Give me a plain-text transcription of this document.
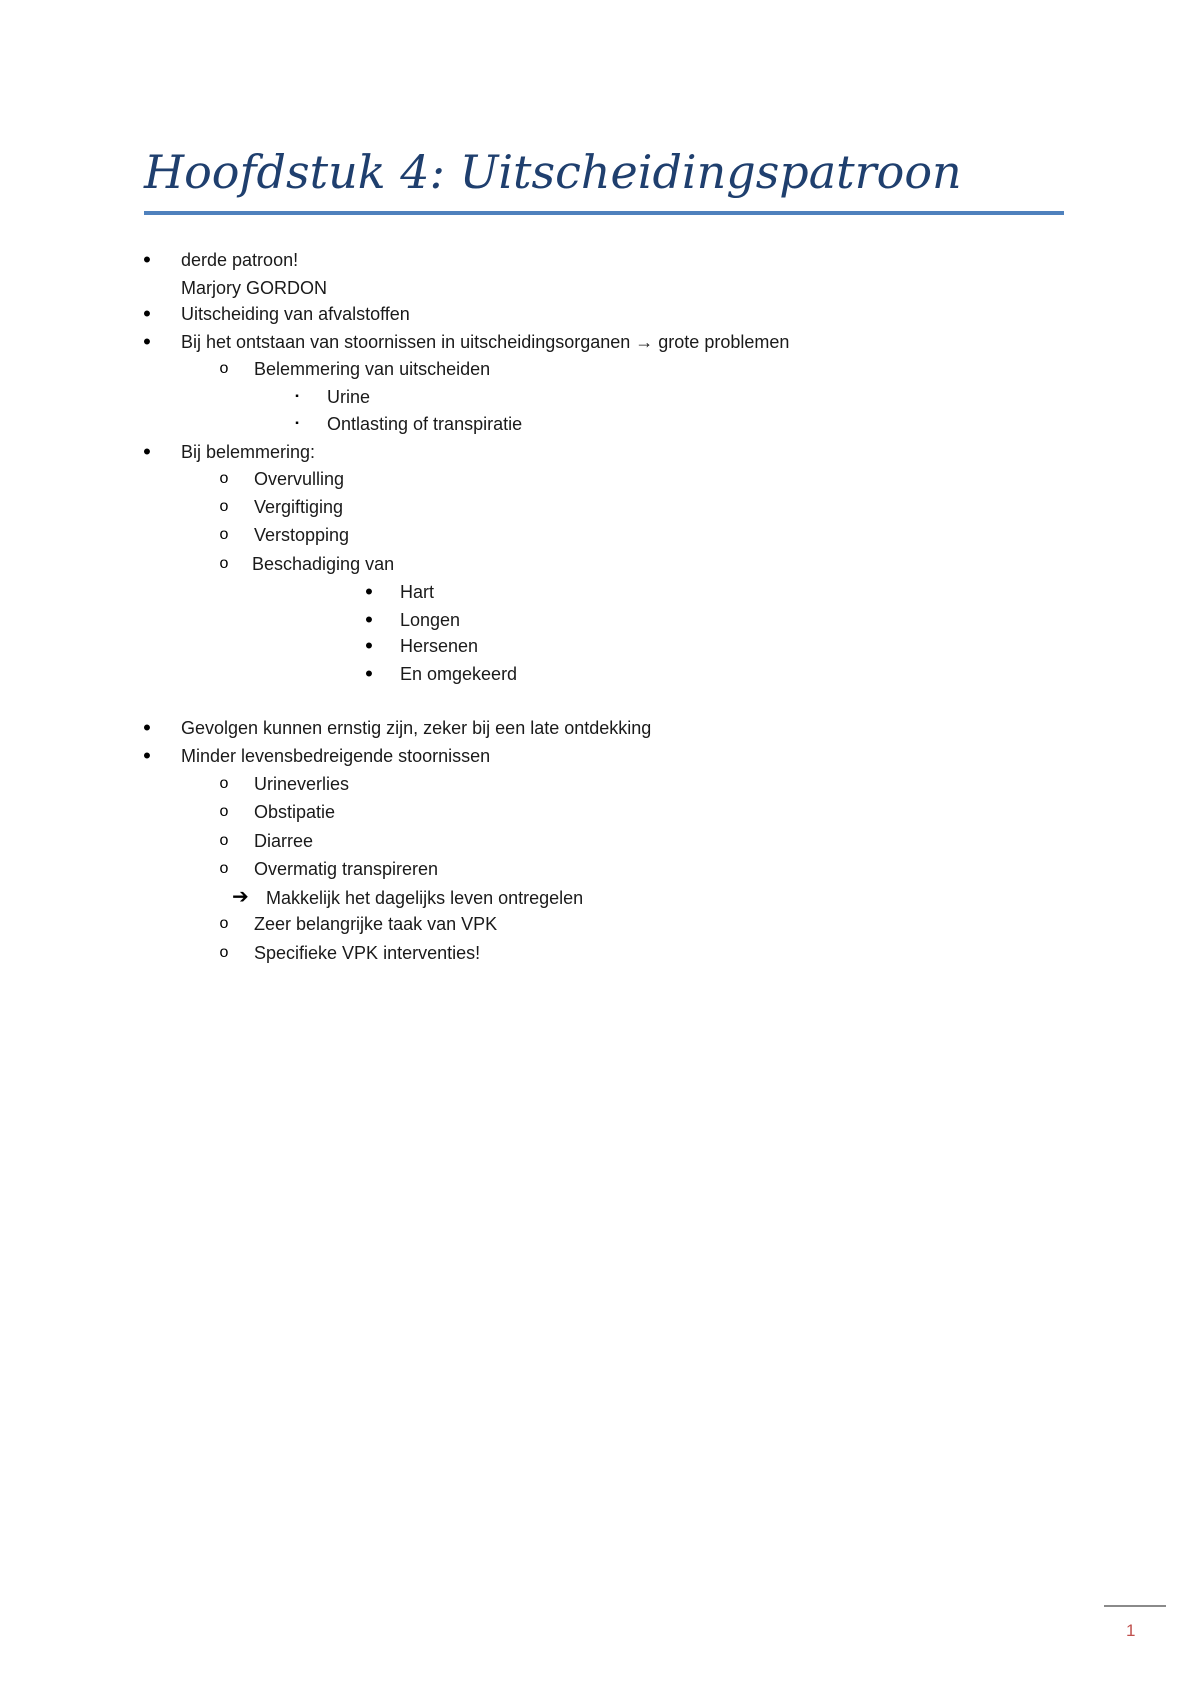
Hoofdstuk 4: Uitscheidingspatroon
•	derde patroon!
Marjory GORDON
•	Uitscheiding van afvalstoffen
•	Bij het ontstaan van stoornissen in uitscheidingsorganen → grote problemen
o	Belemmering van uitscheiden
▪	Urine
▪	Ontlasting of transpiratie
•	Bij belemmering:
o	Overvulling
o	Vergiftiging
o	Verstopping
o	Beschadiging van
•	Hart
•	Longen
•	Hersenen
•	En omgekeerd
•	Gevolgen kunnen ernstig zijn, zeker bij een late ontdekking
•	Minder levensbedreigende stoornissen
o	Urineverlies
o	Obstipatie
o	Diarree
o	Overmatig transpireren
➔ Makkelijk het dagelijks leven ontregelen
o	Zeer belangrijke taak van VPK
o	Specifieke VPK interventies!
1
